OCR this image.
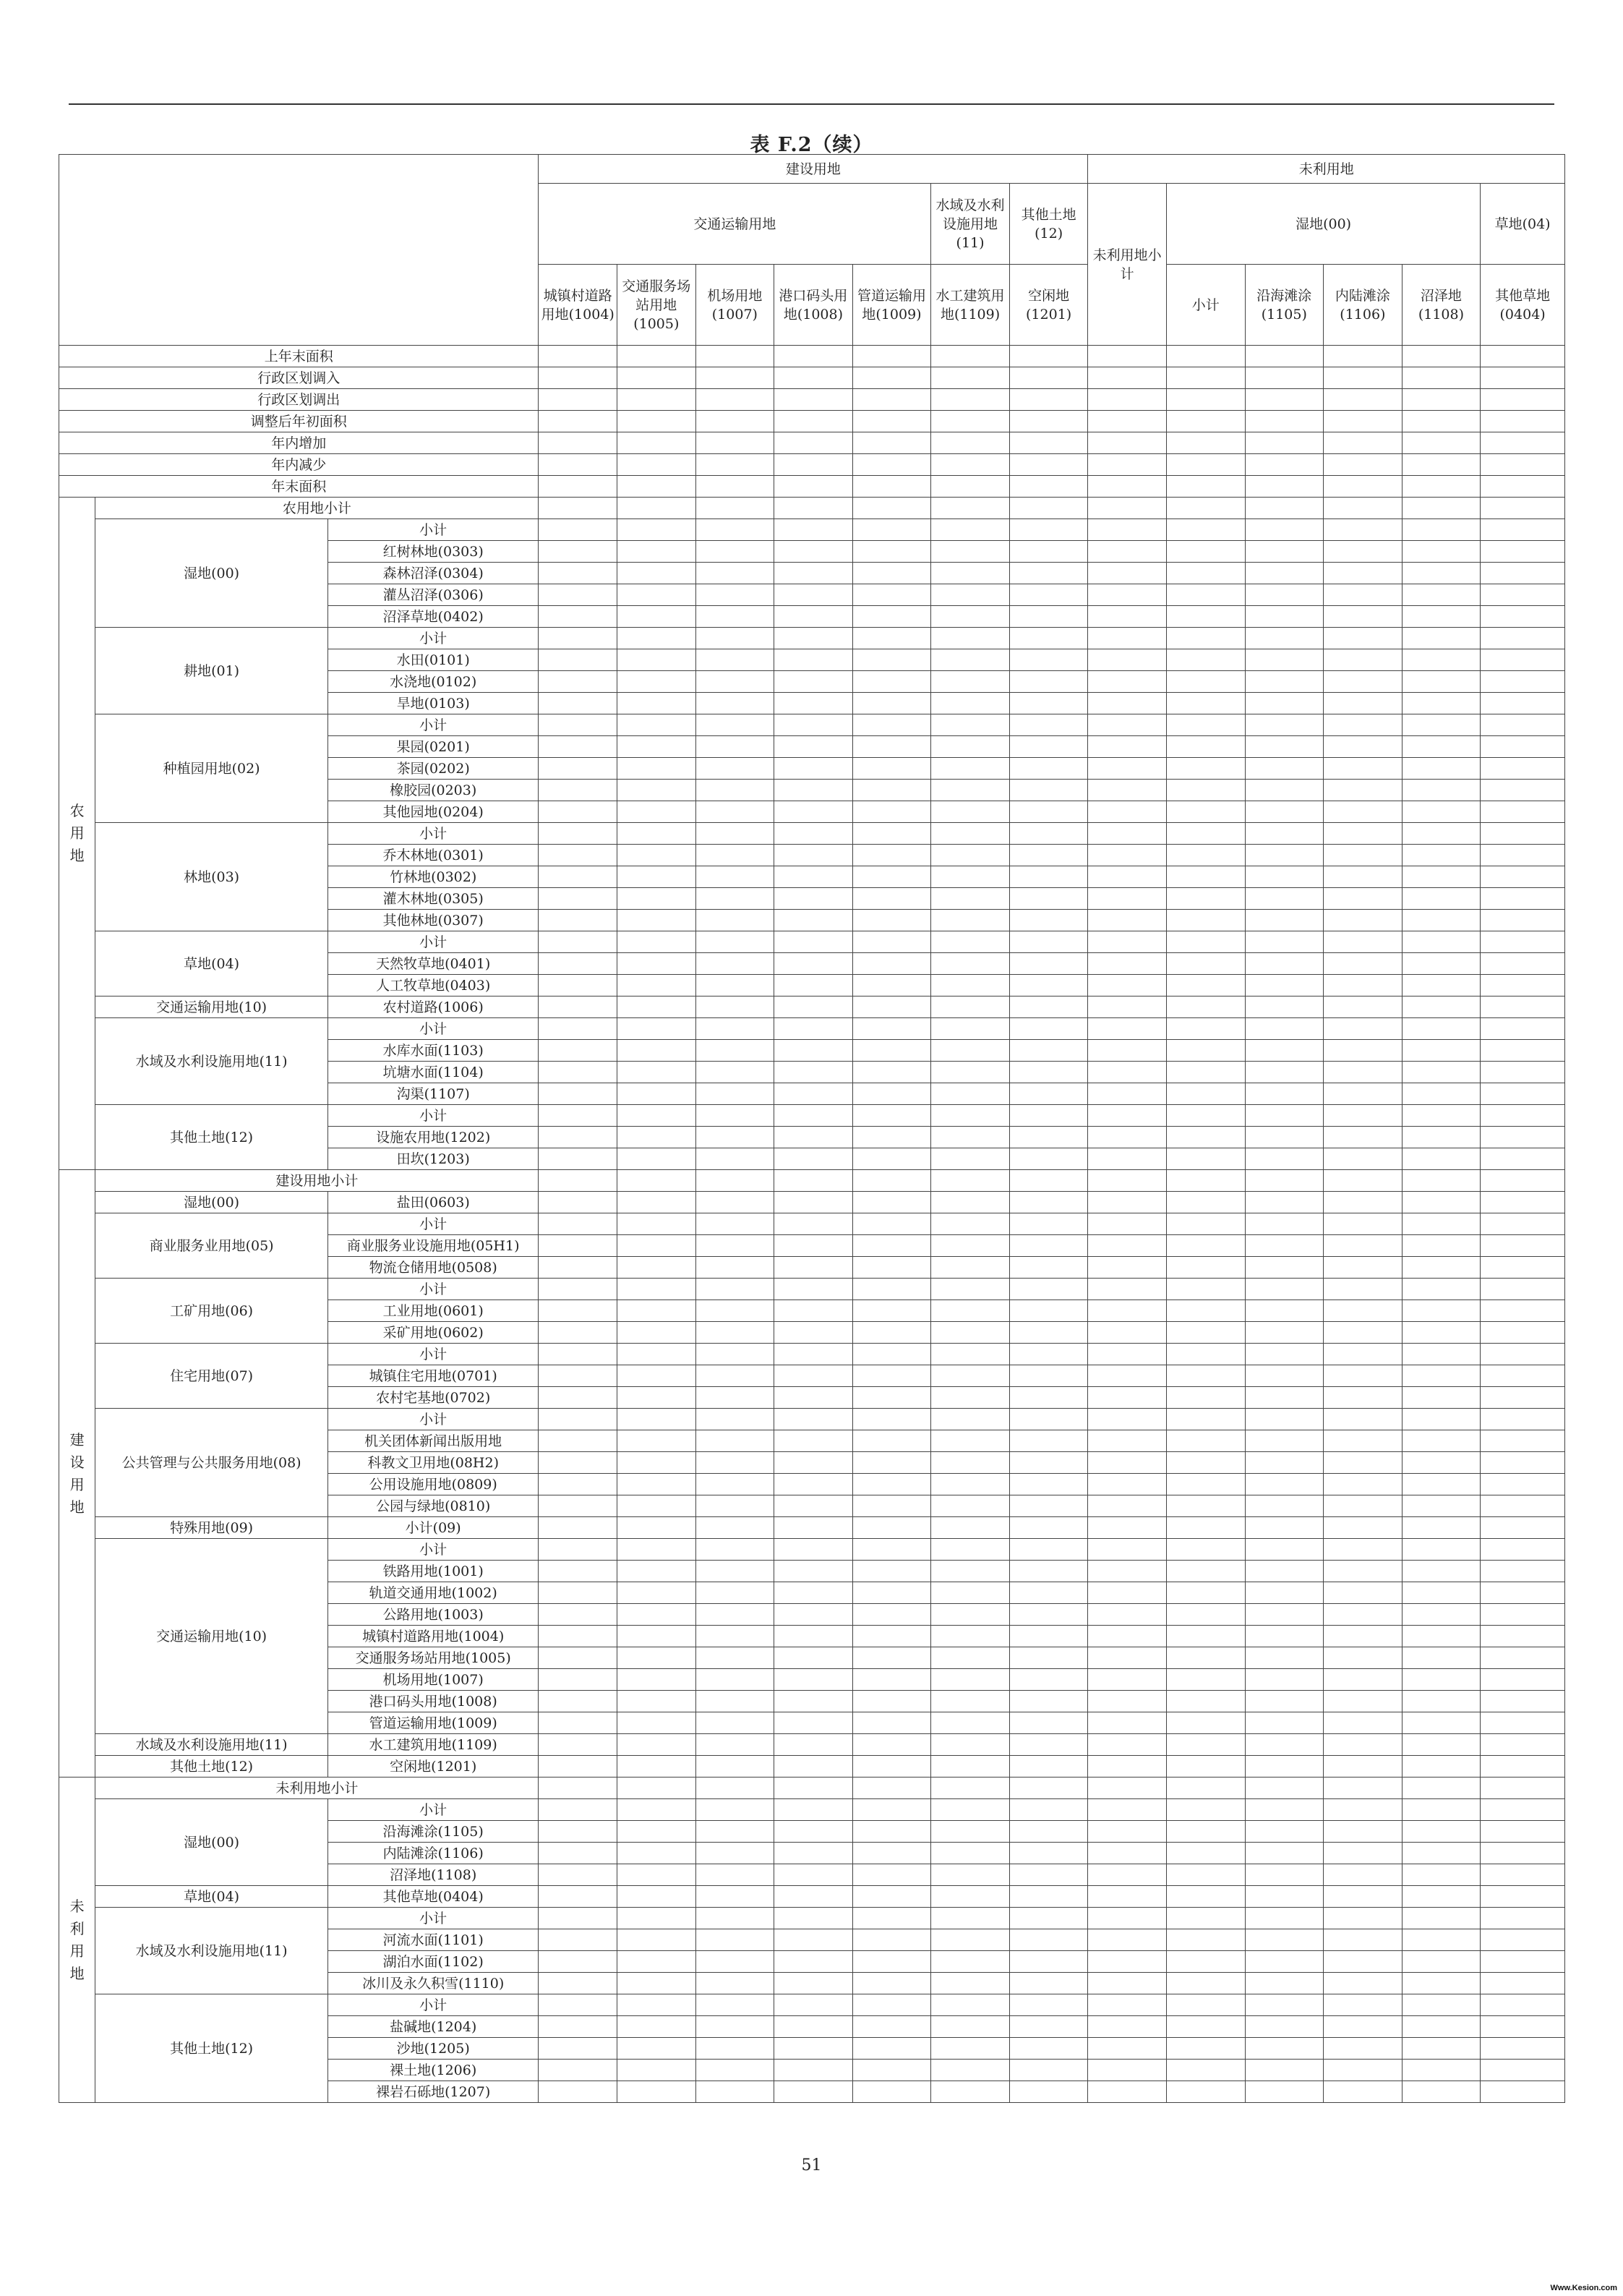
表 F.2（续）
			建设用地							未利用地					
			交通运输用地					水域及水利设施用地(11)	其他土地(12)	未利用地小计	湿地(00)				草地(04)
			城镇村道路用地(1004)	交通服务场站用地(1005)	机场用地(1007)	港口码头用地(1008)	管道运输用地(1009)	水工建筑用地(1109)	空闲地(1201)		小计	沿海滩涂(1105)	内陆滩涂(1106)	沼泽地(1108)	其他草地(0404)
上年末面积															
行政区划调入															
行政区划调出															
调整后年初面积															
年内增加															
年内减少															
年末面积															
农用地	农用地小计														
	湿地(00)	小计													
		红树林地(0303)													
		森林沼泽(0304)													
		灌丛沼泽(0306)													
		沼泽草地(0402)													
	耕地(01)	小计													
		水田(0101)													
		水浇地(0102)													
		旱地(0103)													
	种植园用地(02)	小计													
		果园(0201)													
		茶园(0202)													
		橡胶园(0203)													
		其他园地(0204)													
	林地(03)	小计													
		乔木林地(0301)													
		竹林地(0302)													
		灌木林地(0305)													
		其他林地(0307)													
	草地(04)	小计													
		天然牧草地(0401)													
		人工牧草地(0403)													
	交通运输用地(10)	农村道路(1006)													
	水域及水利设施用地(11)	小计													
		水库水面(1103)													
		坑塘水面(1104)													
		沟渠(1107)													
	其他土地(12)	小计													
		设施农用地(1202)													
		田坎(1203)													
建设用地	建设用地小计														
	湿地(00)	盐田(0603)													
	商业服务业用地(05)	小计													
		商业服务业设施用地(05H1)													
		物流仓储用地(0508)													
	工矿用地(06)	小计													
		工业用地(0601)													
		采矿用地(0602)													
	住宅用地(07)	小计													
		城镇住宅用地(0701)													
		农村宅基地(0702)													
	公共管理与公共服务用地(08)	小计													
		机关团体新闻出版用地													
		科教文卫用地(08H2)													
		公用设施用地(0809)													
		公园与绿地(0810)													
	特殊用地(09)	小计(09)													
	交通运输用地(10)	小计													
		铁路用地(1001)													
		轨道交通用地(1002)													
		公路用地(1003)													
		城镇村道路用地(1004)													
		交通服务场站用地(1005)													
		机场用地(1007)													
		港口码头用地(1008)													
		管道运输用地(1009)													
	水域及水利设施用地(11)	水工建筑用地(1109)													
	其他土地(12)	空闲地(1201)													
未利用地	未利用地小计														
	湿地(00)	小计													
		沿海滩涂(1105)													
		内陆滩涂(1106)													
		沼泽地(1108)													
	草地(04)	其他草地(0404)													
	水域及水利设施用地(11)	小计													
		河流水面(1101)													
		湖泊水面(1102)													
		冰川及永久积雪(1110)													
	其他土地(12)	小计													
		盐碱地(1204)													
		沙地(1205)													
		裸土地(1206)													
		裸岩石砾地(1207)													
51
Www.Kesion.com
